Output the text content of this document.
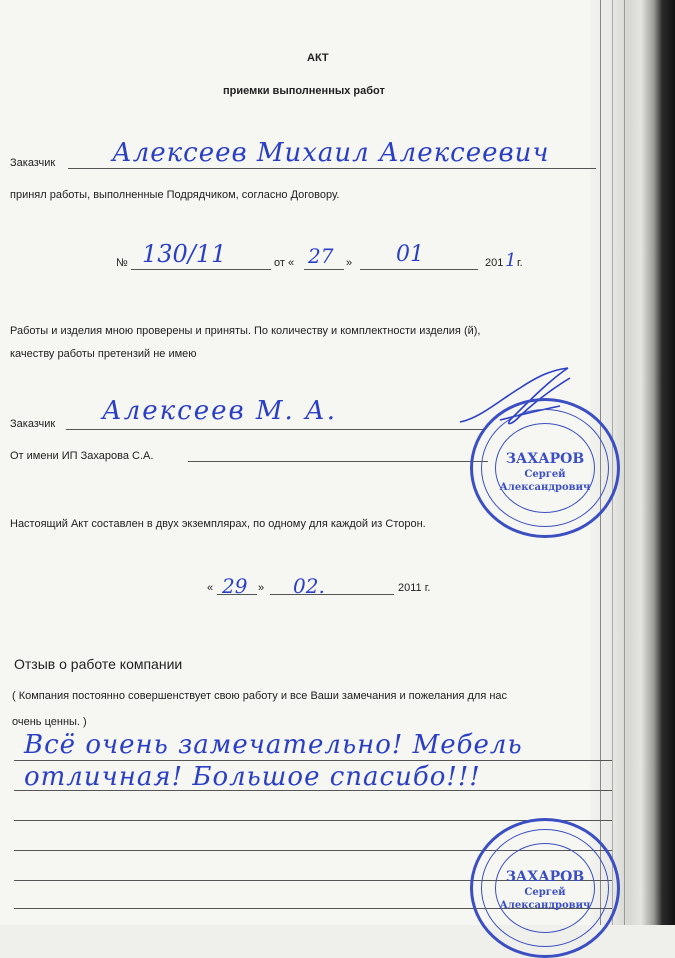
АКТ
приемки выполненных работ
Заказчик Алексеев Михаил Алексеевич
принял работы, выполненные Подрядчиком, согласно Договору.
№ 130/11	от « 27 » 01	201 1 г.
Работы и изделия мною проверены и приняты. По количеству и комплектности изделия (й),
качеству работы претензий не имею
Заказчик Алексеев М. А.
От имени ИП Захарова С.А.	ЗАХАРОВ
Сергей
Александрович
Настоящий Акт составлен в двух экземплярах, по одному для каждой из Сторон.
« 29 » 02.	2011 г.
Отзыв о работе компании
( Компания постоянно совершенствует свою работу и все Ваши замечания и пожелания для нас
очень ценны. )
Всё очень замечательно! Мебель
отличная! Большое спасибо!!!
ЗАХАРОВ
Сергей
Александрович
